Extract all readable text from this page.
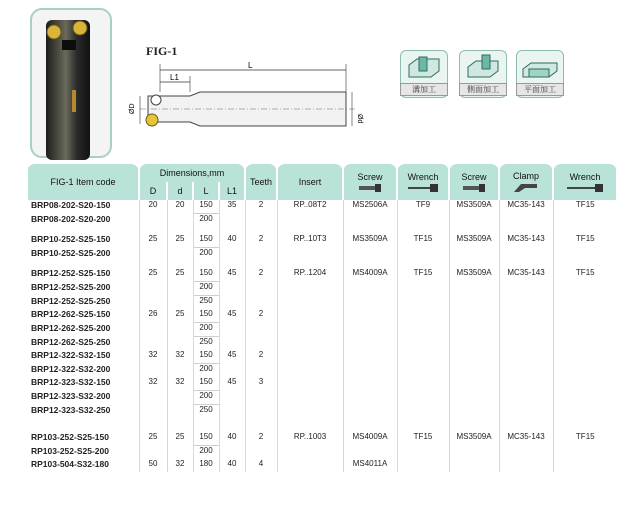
FIG-1
L
L1
ØD
Ød
溝加工	側面加工	平面加工
FIG-1 Item code	Dimensions,mm				Teeth	Insert	Screw	Wrench	Screw	Clamp	Wrench

	D	d	L	L1							
BRP08-202-S20-150	20	20	150	35	2	RP..08T2	MS2506A	TF9	MS3509A	MC35-143	TF15
BRP08-202-S20-200			200								

BRP10-252-S25-150	25	25	150	40	2	RP..10T3	MS3509A	TF15	MS3509A	MC35-143	TF15
BRP10-252-S25-200			200								

BRP12-252-S25-150	25	25	150	45	2	RP..1204	MS4009A	TF15	MS3509A	MC35-143	TF15
BRP12-252-S25-200			200								
BRP12-252-S25-250			250								
BRP12-262-S25-150	26	25	150	45	2						
BRP12-262-S25-200			200								
BRP12-262-S25-250			250								
BRP12-322-S32-150	32	32	150	45	2						
BRP12-322-S32-200			200								
BRP12-323-S32-150	32	32	150	45	3						
BRP12-323-S32-200			200								
BRP12-323-S32-250			250								

RP103-252-S25-150	25	25	150	40	2	RP..1003	MS4009A	TF15	MS3509A	MC35-143	TF15
RP103-252-S25-200			200								
RP103-504-S32-180	50	32	180	40	4		MS4011A				
